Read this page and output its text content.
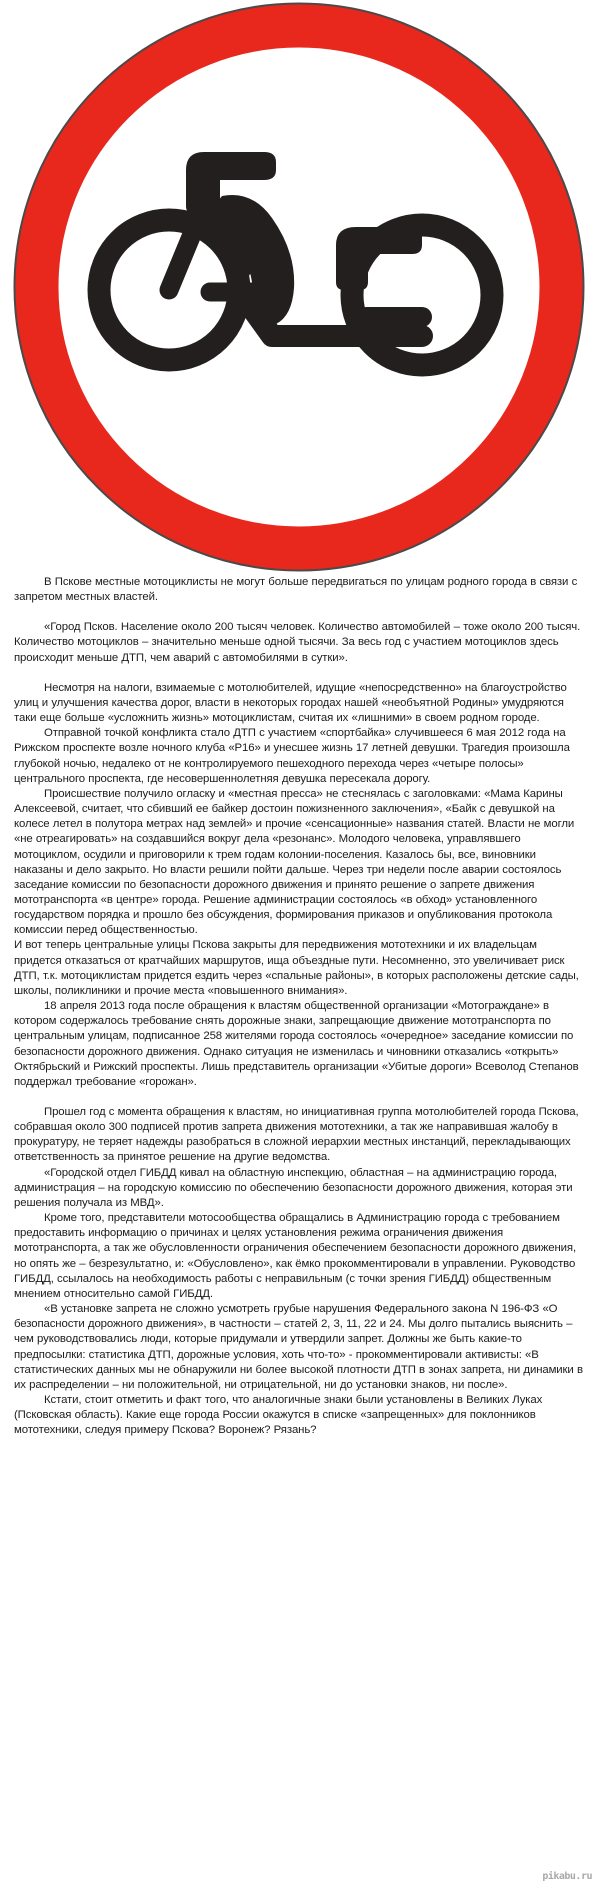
В Пскове местные мотоциклисты не могут больше передвигаться по улицам родного города в связи с запретом местных властей.

«Город Псков. Население около 200 тысяч человек. Количество автомобилей – тоже около 200 тысяч. Количество мотоциклов – значительно меньше одной тысячи. За весь год с участием мотоциклов здесь происходит меньше ДТП, чем аварий с автомобилями в сутки».

Несмотря на налоги, взимаемые с мотолюбителей, идущие «непосредственно» на благоустройство улиц и улучшения качества дорог, власти в некоторых городах нашей «необъятной Родины» умудряются таки еще больше «усложнить жизнь» мотоциклистам, считая их «лишними» в своем родном городе.

Отправной точкой конфликта стало ДТП с участием «спортбайка» случившееся 6 мая 2012 года на Рижском проспекте возле ночного клуба «Р16» и унесшее жизнь 17 летней девушки. Трагедия произошла глубокой ночью, недалеко от не контролируемого пешеходного перехода через «четыре полосы» центрального проспекта, где несовершеннолетняя девушка пересекала дорогу.

Происшествие получило огласку и «местная пресса» не стеснялась с заголовками: «Мама Карины Алексеевой, считает, что сбивший ее байкер достоин пожизненного заключения», «Байк с девушкой на колесе летел в полутора метрах над землей» и прочие «сенсационные» названия статей. Власти не могли «не отреагировать» на создавшийся вокруг дела «резонанс». Молодого человека, управлявшего мотоциклом, осудили и приговорили к трем годам колонии-поселения. Казалось бы, все, виновники наказаны и дело закрыто. Но власти решили пойти дальше. Через три недели после аварии состоялось заседание комиссии по безопасности дорожного движения и принято решение о запрете движения мототранспорта «в центре» города. Решение администрации состоялось «в обход» установленного государством порядка и прошло без обсуждения, формирования приказов и опубликования протокола комиссии перед общественностью.

И вот теперь центральные улицы Пскова закрыты для передвижения мототехники и их владельцам придется отказаться от кратчайших маршрутов, ища объездные пути. Несомненно, это увеличивает риск ДТП, т.к. мотоциклистам придется ездить через «спальные районы», в которых расположены детские сады, школы, поликлиники и прочие места «повышенного внимания».

18 апреля 2013 года после обращения к властям общественной организации «Мотограждане» в котором содержалось требование снять дорожные знаки, запрещающие движение мототранспорта по центральным улицам, подписанное 258 жителями города состоялось «очередное» заседание комиссии по безопасности дорожного движения. Однако ситуация не изменилась и чиновники отказались «открыть» Октябрьский и Рижский проспекты. Лишь представитель организации «Убитые дороги» Всеволод Степанов поддержал требование «горожан».

Прошел год с момента обращения к властям, но инициативная группа мотолюбителей города Пскова, собравшая около 300 подписей против запрета движения мототехники, а так же направившая жалобу в прокуратуру, не теряет надежды разобраться в сложной иерархии местных инстанций, перекладывающих ответственность за принятое решение на другие ведомства.

«Городской отдел ГИБДД кивал на областную инспекцию, областная – на администрацию города, администрация – на городскую комиссию по обеспечению безопасности дорожного движения, которая эти решения получала из МВД».

Кроме того, представители мотосообщества обращались в Администрацию города с требованием предоставить информацию о причинах и целях установления режима ограничения движения мототранспорта, а так же обусловленности ограничения обеспечением безопасности дорожного движения, но опять же – безрезультатно, и: «Обусловлено», как ёмко прокомментировали в управлении. Руководство ГИБДД, ссылалось на необходимость работы с неправильным (с точки зрения ГИБДД) общественным мнением относительно самой ГИБДД.

«В установке запрета не сложно усмотреть грубые нарушения Федерального закона N 196-ФЗ «О безопасности дорожного движения», в частности – статей 2, 3, 11, 22 и 24. Мы долго пытались выяснить – чем руководствовались люди, которые придумали и утвердили запрет. Должны же быть какие-то предпосылки: статистика ДТП, дорожные условия, хоть что-то» - прокомментировали активисты: «В статистических данных мы не обнаружили ни более высокой плотности ДТП в зонах запрета, ни динамики в их распределении – ни положительной, ни отрицательной, ни до установки знаков, ни после».

Кстати, стоит отметить и факт того, что аналогичные знаки были установлены в Великих Луках (Псковская область). Какие еще города России окажутся в списке «запрещенных» для поклонников мототехники, следуя примеру Пскова? Воронеж? Рязань?

pikabu.ru
